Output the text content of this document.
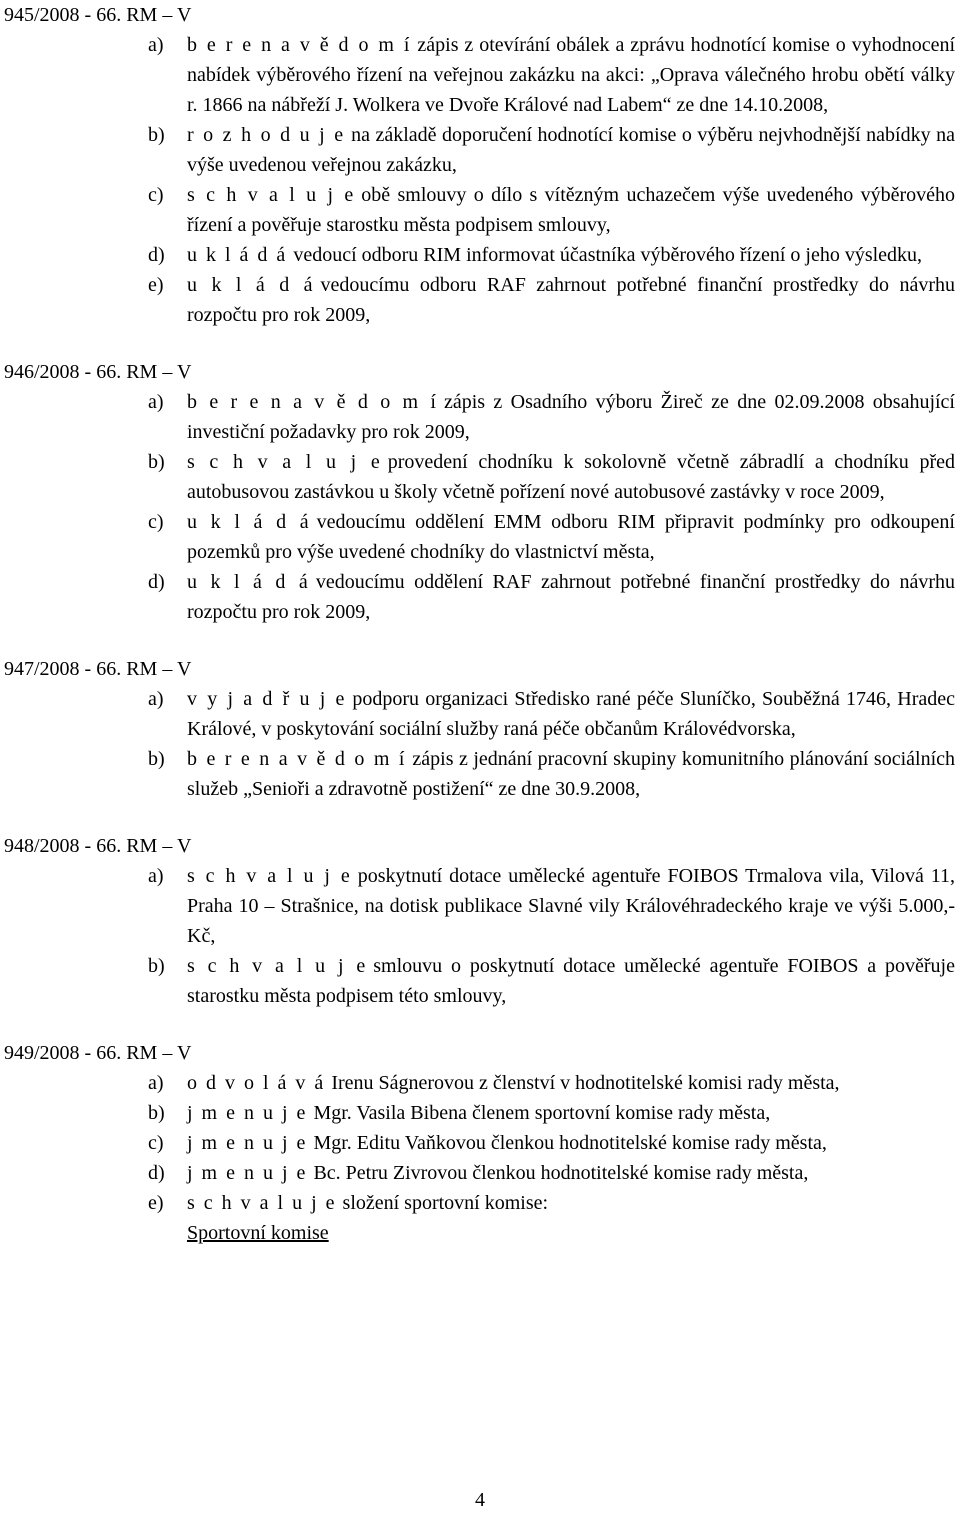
945/2008 - 66. RM – V
a) b e r e n a v ě d o m í zápis z otevírání obálek a zprávu hodnotící komise o vyhodnocení nabídek výběrového řízení na veřejnou zakázku na akci: „Oprava válečného hrobu obětí války r. 1866 na nábřeží J. Wolkera ve Dvoře Králové nad Labem“ ze dne 14.10.2008,
b) r o z h o d u j e na základě doporučení hodnotící komise o výběru nejvhodnější nabídky na výše uvedenou veřejnou zakázku,
c) s c h v a l u j e obě smlouvy o dílo s vítězným uchazečem výše uvedeného výběrového řízení a pověřuje starostku města podpisem smlouvy,
d) u k l á d á vedoucí odboru RIM informovat účastníka výběrového řízení o jeho výsledku,
e) u k l á d á vedoucímu odboru RAF zahrnout potřebné finanční prostředky do návrhu rozpočtu pro rok 2009,
946/2008 - 66. RM – V
a) b e r e n a v ě d o m í zápis z Osadního výboru Žireč ze dne 02.09.2008 obsahující investiční požadavky pro rok 2009,
b) s c h v a l u j e provedení chodníku k sokolovně včetně zábradlí a chodníku před autobusovou zastávkou u školy včetně pořízení nové autobusové zastávky v roce 2009,
c) u k l á d á vedoucímu oddělení EMM odboru RIM připravit podmínky pro odkoupení pozemků pro výše uvedené chodníky do vlastnictví města,
d) u k l á d á vedoucímu oddělení RAF zahrnout potřebné finanční prostředky do návrhu rozpočtu pro rok 2009,
947/2008 - 66. RM – V
a) v y j a d ř u j e podporu organizaci Středisko rané péče Sluníčko, Souběžná 1746, Hradec Králové, v poskytování sociální služby raná péče občanům Královédvorska,
b) b e r e n a v ě d o m í zápis z jednání pracovní skupiny komunitního plánování sociálních služeb „Senioři a zdravotně postižení“ ze dne 30.9.2008,
948/2008 - 66. RM – V
a) s c h v a l u j e poskytnutí dotace umělecké agentuře FOIBOS Trmalova vila, Vilová 11, Praha 10 – Strašnice, na dotisk publikace Slavné vily Královéhradeckého kraje ve výši 5.000,- Kč,
b) s c h v a l u j e smlouvu o poskytnutí dotace umělecké agentuře FOIBOS a pověřuje starostku města podpisem této smlouvy,
949/2008 - 66. RM – V
a) o d v o l á v á Irenu Ságnerovou z členství v hodnotitelské komisi rady města,
b) j m e n u j e Mgr. Vasila Bibena členem sportovní komise rady města,
c) j m e n u j e Mgr. Editu Vaňkovou členkou hodnotitelské komise rady města,
d) j m e n u j e Bc. Petru Zivrovou členkou hodnotitelské komise rady města,
e) s c h v a l u j e složení sportovní komise:
Sportovní komise
4
